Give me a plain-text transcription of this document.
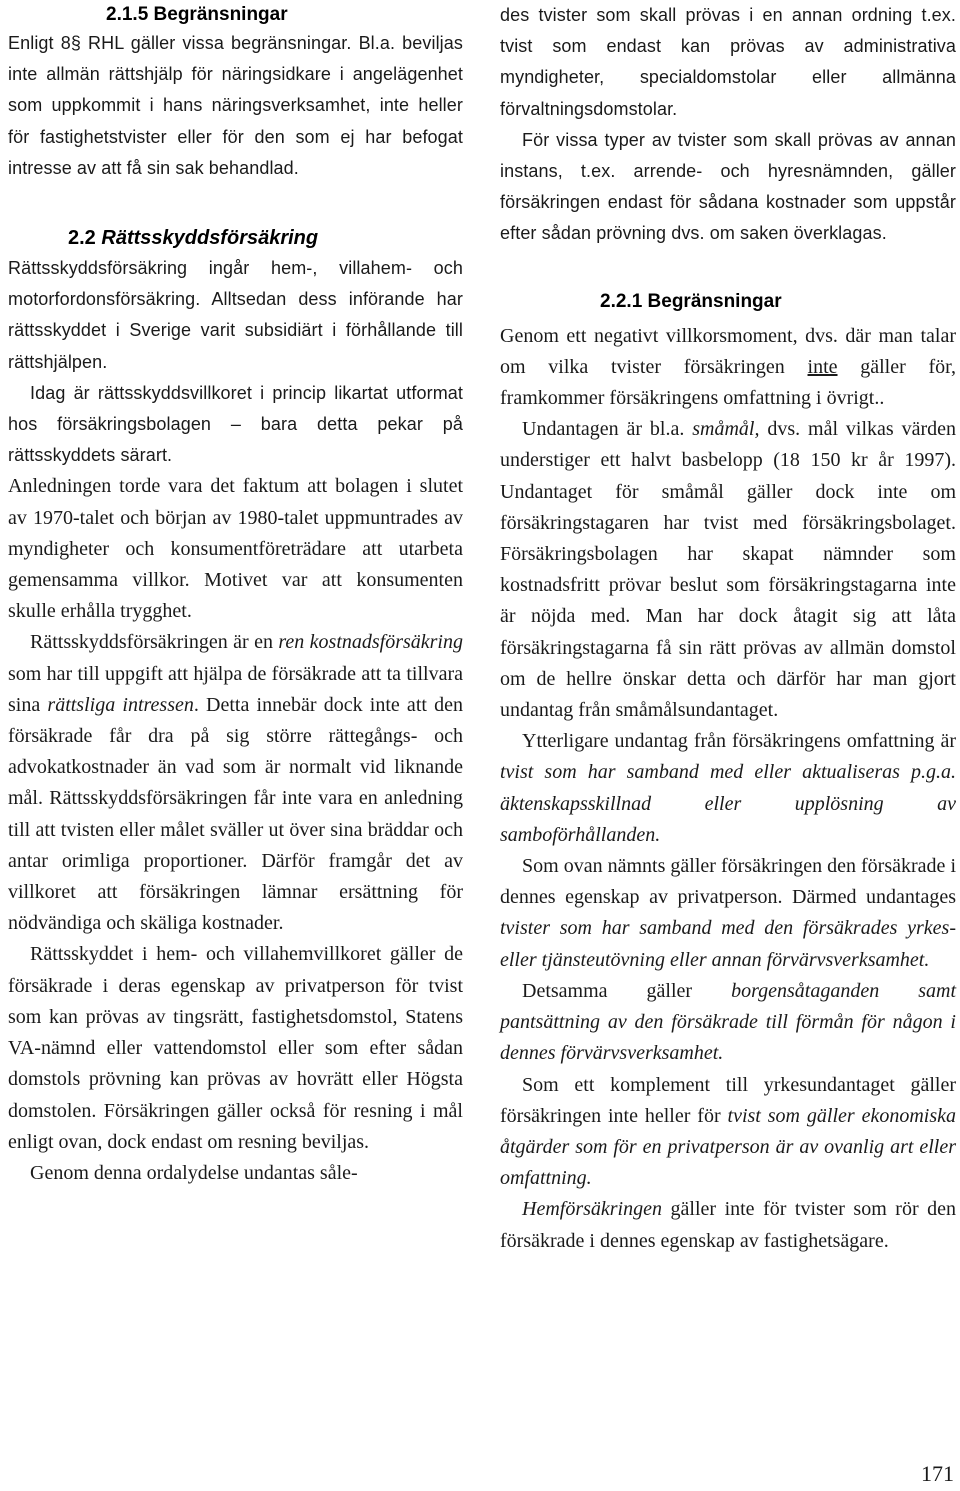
2.1.5 Begränsningar

Enligt 8§ RHL gäller vissa begränsningar. Bl.a. beviljas inte allmän rättshjälp för näringsidkare i angelägenhet som uppkommit i hans näringsverksamhet, inte heller för fastighetstvister eller för den som ej har befogat intresse av att få sin sak behandlad.

2.2 Rättsskyddsförsäkring

Rättsskyddsförsäkring ingår hem-, villahem- och motorfordonsförsäkring. Alltsedan dess införande har rättsskyddet i Sverige varit subsidiärt i förhållande till rättshjälpen.

Idag är rättsskyddsvillkoret i princip likartat utformat hos försäkringsbolagen – bara detta pekar på rättsskyddets särart.

Anledningen torde vara det faktum att bolagen i slutet av 1970-talet och början av 1980-talet uppmuntrades av myndigheter och konsumentföreträdare att utarbeta gemensamma villkor. Motivet var att konsumenten skulle erhålla trygghet.

Rättsskyddsförsäkringen är en ren kostnadsförsäkring som har till uppgift att hjälpa de försäkrade att ta tillvara sina rättsliga intressen. Detta innebär dock inte att den försäkrade får dra på sig större rättegångs- och advokatkostnader än vad som är normalt vid liknande mål. Rättsskyddsförsäkringen får inte vara en anledning till att tvisten eller målet sväller ut över sina bräddar och antar orimliga proportioner. Därför framgår det av villkoret att försäkringen lämnar ersättning för nödvändiga och skäliga kostnader.

Rättsskyddet i hem- och villahemvillkoret gäller de försäkrade i deras egenskap av privatperson för tvist som kan prövas av tingsrätt, fastighetsdomstol, Statens VA-nämnd eller vattendomstol eller som efter sådan domstols prövning kan prövas av hovrätt eller Högsta domstolen. Försäkringen gäller också för resning i mål enligt ovan, dock endast om resning beviljas.

Genom denna ordalydelse undantas såle-

des tvister som skall prövas i en annan ordning t.ex. tvist som endast kan prövas av administrativa myndigheter, specialdomstolar eller allmänna förvaltningsdomstolar.

För vissa typer av tvister som skall prövas av annan instans, t.ex. arrende- och hyresnämnden, gäller försäkringen endast för sådana kostnader som uppstår efter sådan prövning dvs. om saken överklagas.

2.2.1 Begränsningar

Genom ett negativt villkorsmoment, dvs. där man talar om vilka tvister försäkringen inte gäller för, framkommer försäkringens omfattning i övrigt..

Undantagen är bl.a. småmål, dvs. mål vilkas värden understiger ett halvt basbelopp (18 150 kr år 1997). Undantaget för småmål gäller dock inte om försäkringstagaren har tvist med försäkringsbolaget. Försäkringsbolagen har skapat nämnder som kostnadsfritt prövar beslut som försäkringstagarna inte är nöjda med. Man har dock åtagit sig att låta försäkringstagarna få sin rätt prövas av allmän domstol om de hellre önskar detta och därför har man gjort undantag från småmålsundantaget.

Ytterligare undantag från försäkringens omfattning är tvist som har samband med eller aktualiseras p.g.a. äktenskapsskillnad eller upplösning av samboförhållanden.

Som ovan nämnts gäller försäkringen den försäkrade i dennes egenskap av privatperson. Därmed undantages tvister som har samband med den försäkrades yrkes- eller tjänsteutövning eller annan förvärvsverksamhet.

Detsamma gäller borgensåtaganden samt pantsättning av den försäkrade till förmån för någon i dennes förvärvsverksamhet.

Som ett komplement till yrkesundantaget gäller försäkringen inte heller för tvist som gäller ekonomiska åtgärder som för en privatperson är av ovanlig art eller omfattning.

Hemförsäkringen gäller inte för tvister som rör den försäkrade i dennes egenskap av fastighetsägare.

171
